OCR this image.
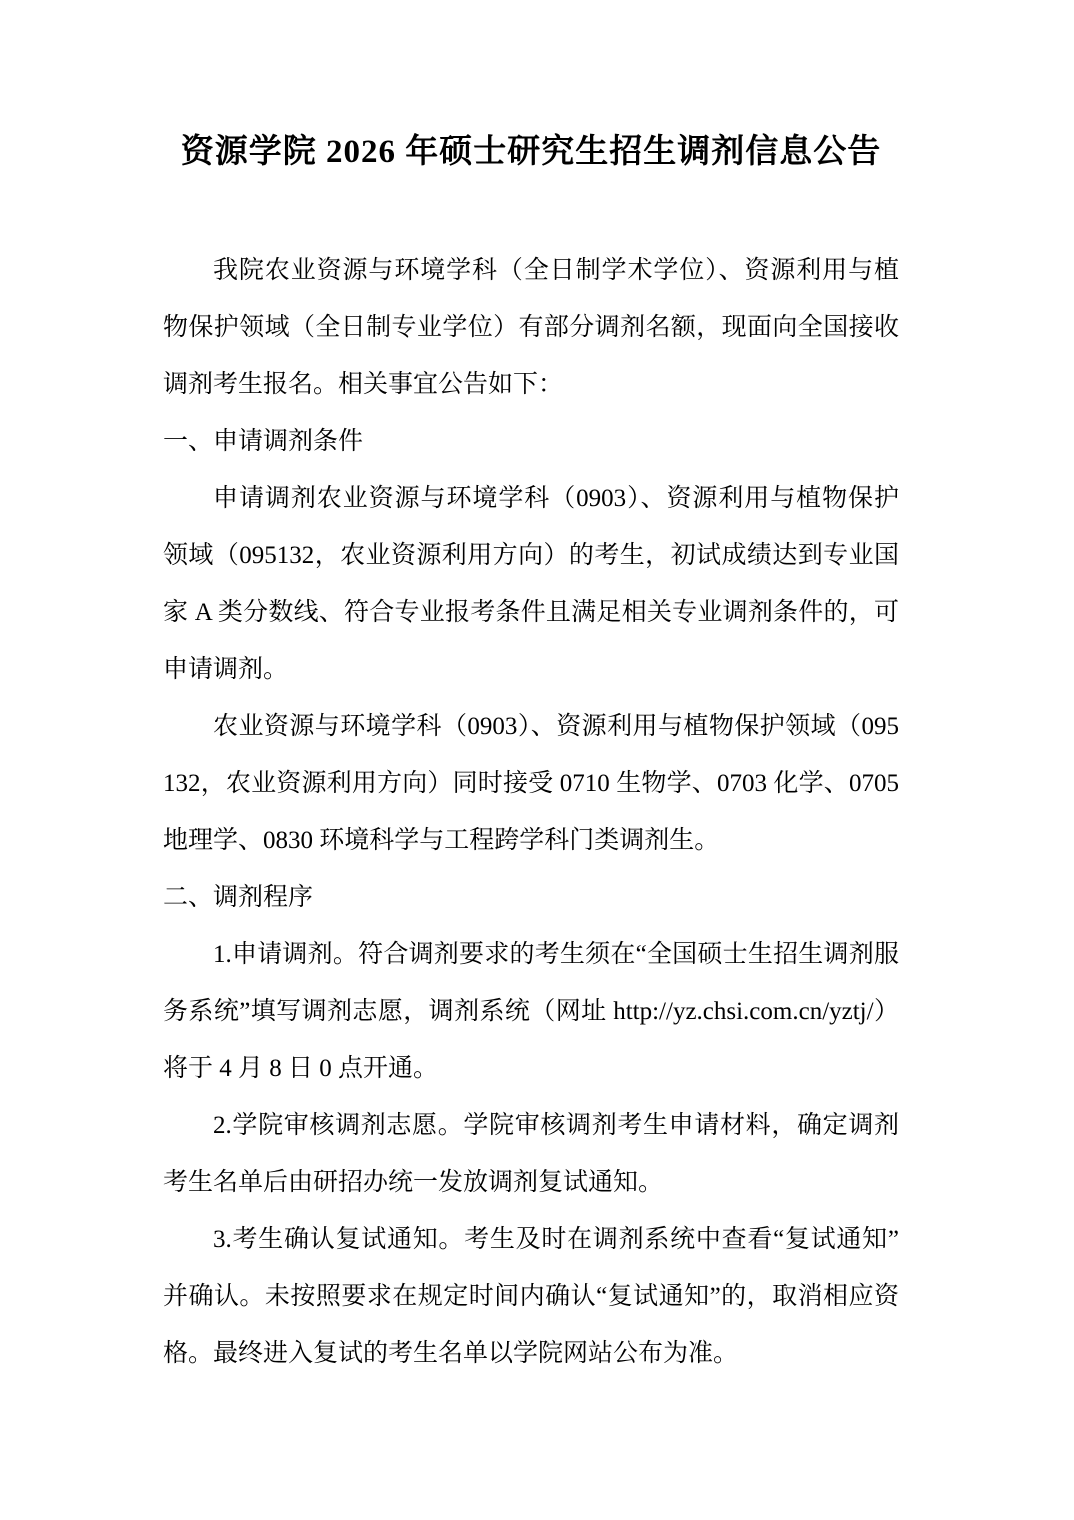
资源学院 2026 年硕士研究生招生调剂信息公告

我院农业资源与环境学科（全日制学术学位）、资源利用与植物保护领域（全日制专业学位）有部分调剂名额，现面向全国接收调剂考生报名。相关事宜公告如下：

一、申请调剂条件

申请调剂农业资源与环境学科（0903）、资源利用与植物保护领域（095132，农业资源利用方向）的考生，初试成绩达到专业国家 A 类分数线、符合专业报考条件且满足相关专业调剂条件的，可申请调剂。

农业资源与环境学科（0903）、资源利用与植物保护领域（095132，农业资源利用方向）同时接受 0710 生物学、0703 化学、0705 地理学、0830 环境科学与工程跨学科门类调剂生。

二、调剂程序

1.申请调剂。符合调剂要求的考生须在“全国硕士生招生调剂服务系统”填写调剂志愿，调剂系统（网址 http://yz.chsi.com.cn/yztj/）将于 4 月 8 日 0 点开通。

2.学院审核调剂志愿。学院审核调剂考生申请材料，确定调剂考生名单后由研招办统一发放调剂复试通知。

3.考生确认复试通知。考生及时在调剂系统中查看“复试通知”并确认。未按照要求在规定时间内确认“复试通知”的，取消相应资格。最终进入复试的考生名单以学院网站公布为准。
